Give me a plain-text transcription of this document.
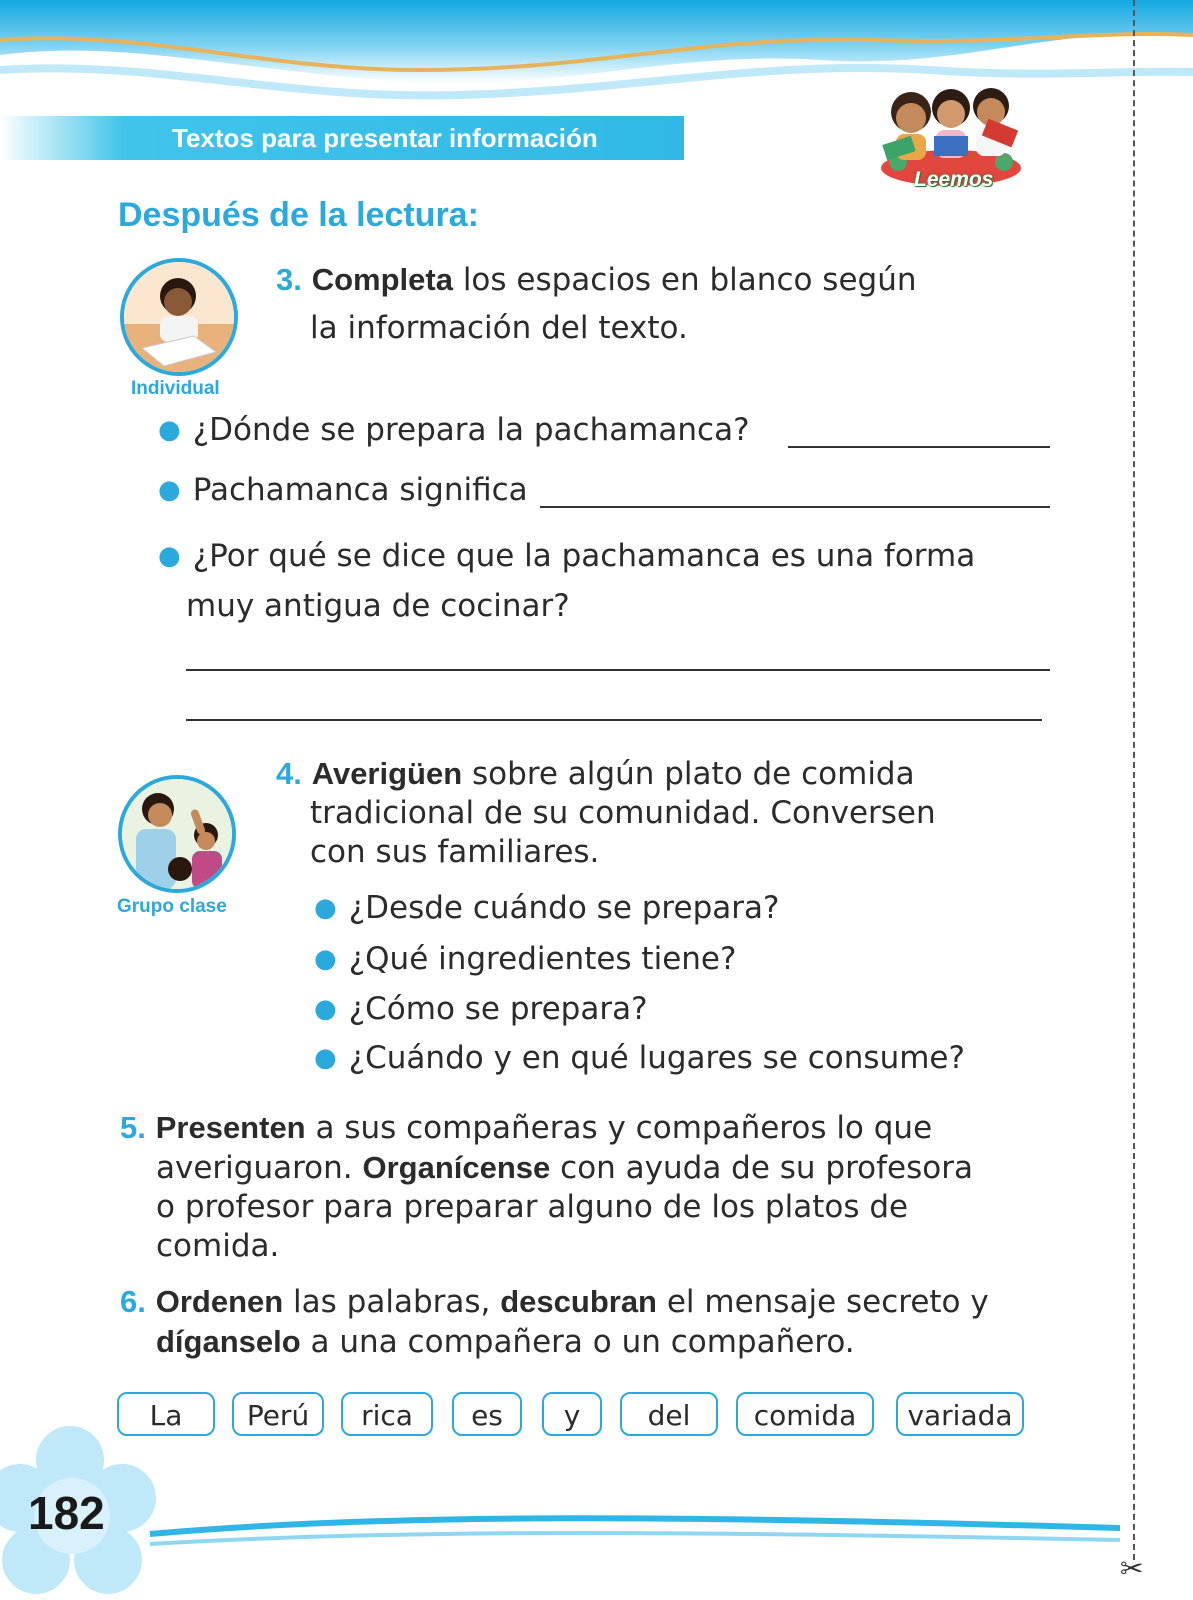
Textos para presentar información
Leemos
Después de la lectura:
Individual
3. Completa los espacios en blanco según
la información del texto.
● ¿Dónde se prepara la pachamanca?
● Pachamanca significa
● ¿Por qué se dice que la pachamanca es una forma
muy antigua de cocinar?
Grupo clase
4. Averigüen sobre algún plato de comida
tradicional de su comunidad. Conversen
con sus familiares.
● ¿Desde cuándo se prepara?
● ¿Qué ingredientes tiene?
● ¿Cómo se prepara?
● ¿Cuándo y en qué lugares se consume?
5. Presenten a sus compañeras y compañeros lo que
averiguaron. Organícense con ayuda de su profesora
o profesor para preparar alguno de los platos de
comida.
6. Ordenen las palabras, descubran el mensaje secreto y
díganselo a una compañera o un compañero.
La	Perú	rica	es	y	del	comida	variada
182
✂
